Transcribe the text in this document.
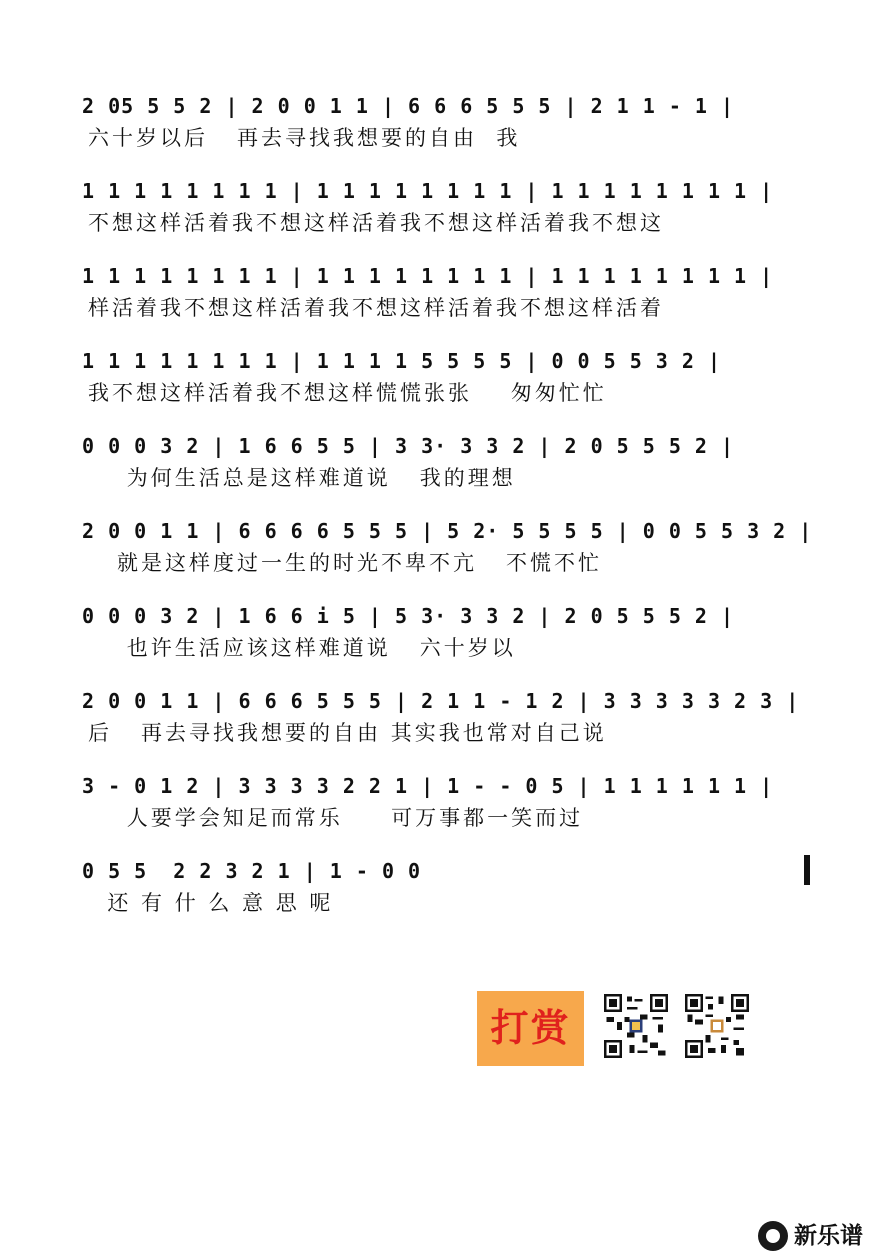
2 05 5 5 2 | 2 0 0 1 1 | 6 6 6 5 5 5 | 2 1 1 - 1 |
六十岁以后   再去寻找我想要的自由  我
1 1 1 1 1 1 1 1 | 1 1 1 1 1 1 1 1 | 1 1 1 1 1 1 1 1 |
不想这样活着我不想这样活着我不想这样活着我不想这
1 1 1 1 1 1 1 1 | 1 1 1 1 1 1 1 1 | 1 1 1 1 1 1 1 1 |
样活着我不想这样活着我不想这样活着我不想这样活着
1 1 1 1 1 1 1 1 | 1 1 1 1 5 5 5 5 | 0 0 5 5 3 2 |
我不想这样活着我不想这样慌慌张张    匆匆忙忙
0 0 0 3 2 | 1 6 6 5 5 | 3 3· 3 3 2 | 2 0 5 5 5 2 |
为何生活总是这样难道说   我的理想
2 0 0 1 1 | 6 6 6 6 5 5 5 | 5 2· 5 5 5 5 | 0 0 5 5 3 2 |
就是这样度过一生的时光不卑不亢   不慌不忙
0 0 0 3 2 | 1 6 6 i 5 | 5 3· 3 3 2 | 2 0 5 5 5 2 |
也许生活应该这样难道说   六十岁以
2 0 0 1 1 | 6 6 6 5 5 5 | 2 1 1 - 1 2 | 3 3 3 3 3 2 3 |
后   再去寻找我想要的自由 其实我也常对自己说
3 - 0 1 2 | 3 3 3 3 2 2 1 | 1 - - 0 5 | 1 1 1 1 1 1 |
人要学会知足而常乐     可万事都一笑而过
0 5 5  2 2 3 2 1 | 1 - 0 0
还 有 什 么 意 思 呢
打赏
新乐谱
